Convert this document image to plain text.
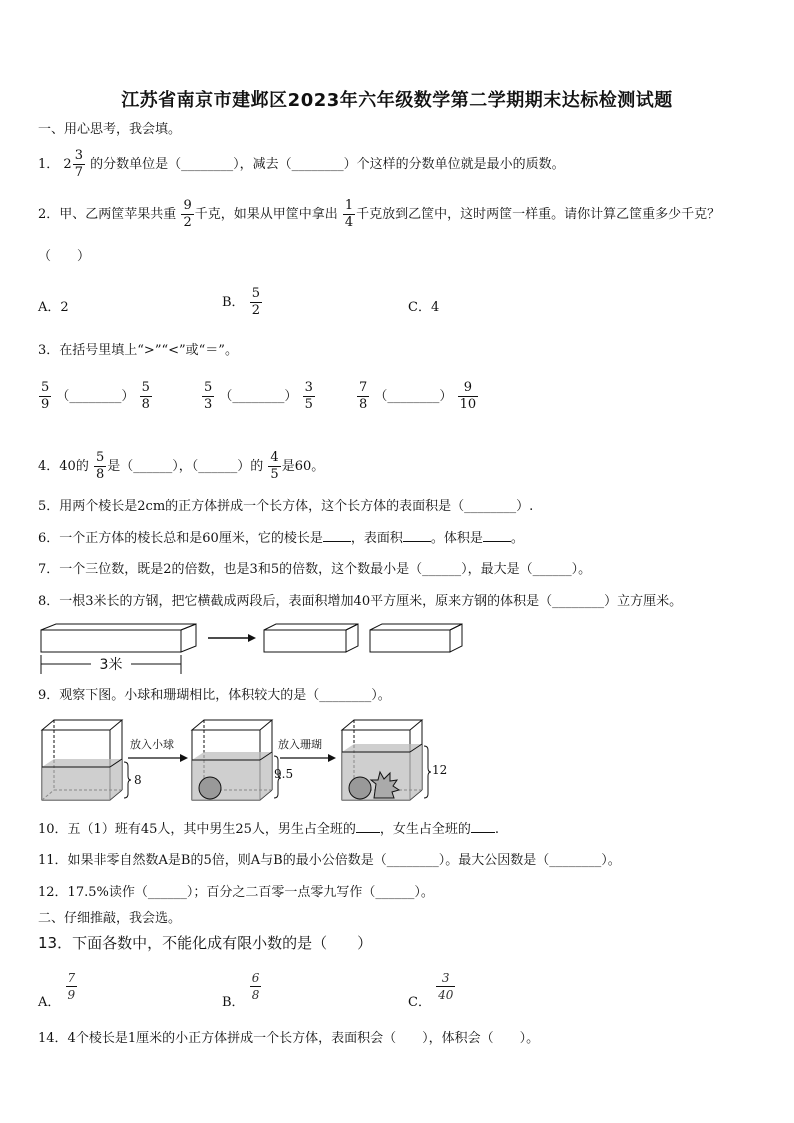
江苏省南京市建邺区2023年六年级数学第二学期期末达标检测试题
一、用心思考，我会填。
1． $2 \frac{3}{7}$ 的分数单位是（________），减去（________）个这样的分数单位就是最小的质数。
2．甲、乙两筐苹果共重 $\frac{9}{2}$ 千克，如果从甲筐中拿出 $\frac{1}{4}$ 千克放到乙筐中，这时两筐一样重。请你计算乙筐重多少千克？
（　　）
A．2	B． $\frac{5}{2}$	C．4
3．在括号里填上“>”“<”或“＝”。
$\frac{5}{9}$ （________） $\frac{5}{8}$	$\frac{5}{3}$ （________） $\frac{3}{5}$	$\frac{7}{8}$ （________） $\frac{9}{10}$
4．40的 $\frac{5}{8}$ 是（______），（______）的 $\frac{4}{5}$ 是60。
5．用两个棱长是2cm的正方体拼成一个长方体，这个长方体的表面积是（________）.
6．一个正方体的棱长总和是60厘米，它的棱长是 ，表面积 。体积是 。
7．一个三位数，既是2的倍数，也是3和5的倍数，这个数最小是（______），最大是（______）。
8．一根3米长的方钢，把它横截成两段后，表面积增加40平方厘米，原来方钢的体积是（________）立方厘米。
3米
9．观察下图。小球和珊瑚相比，体积较大的是（________）。
8
放入小球
9.5
放入珊瑚
12
10．五（1）班有45人，其中男生25人，男生占全班的 ，女生占全班的 .
11．如果非零自然数A是B的5倍，则A与B的最小公倍数是（________）。最大公因数是（________）。
12．17.5%读作（______）；百分之二百零一点零九写作（______）。
二、仔细推敲，我会选。
13．下面各数中，不能化成有限小数的是（　　）
A． $\frac{7}{9}$	B． $\frac{6}{8}$	C． $\frac{3}{40}$
14．4个棱长是1厘米的小正方体拼成一个长方体，表面积会（　　），体积会（　　）。
